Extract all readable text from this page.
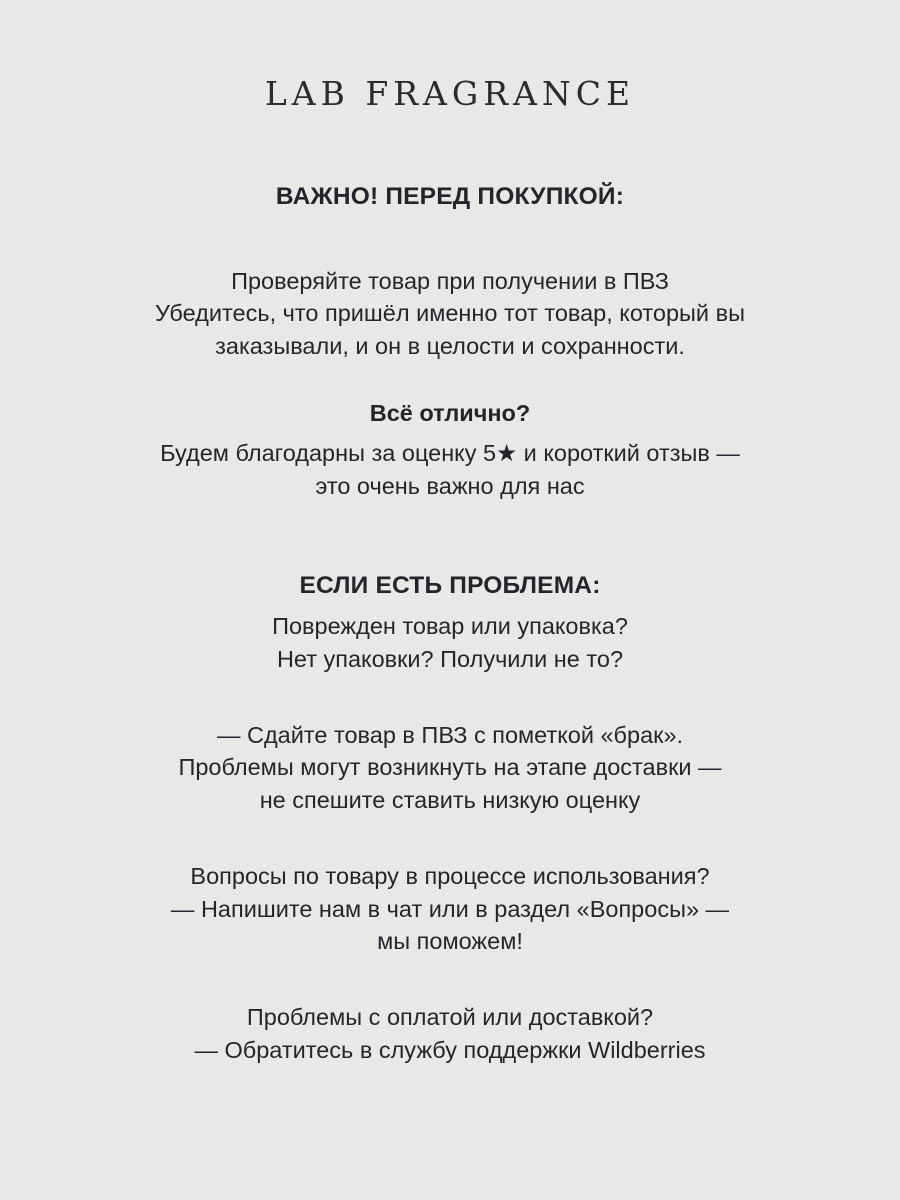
LAB FRAGRANCE
ВАЖНО! ПЕРЕД ПОКУПКОЙ:
Проверяйте товар при получении в ПВЗ
Убедитесь, что пришёл именно тот товар, который вы
заказывали, и он в целости и сохранности.
Всё отлично?
Будем благодарны за оценку 5★ и короткий отзыв —
это очень важно для нас
ЕСЛИ ЕСТЬ ПРОБЛЕМА:
Поврежден товар или упаковка?
Нет упаковки? Получили не то?
— Сдайте товар в ПВЗ с пометкой «брак».
Проблемы могут возникнуть на этапе доставки —
не спешите ставить низкую оценку
Вопросы по товару в процессе использования?
— Напишите нам в чат или в раздел «Вопросы» —
мы поможем!
Проблемы с оплатой или доставкой?
— Обратитесь в службу поддержки Wildberries
